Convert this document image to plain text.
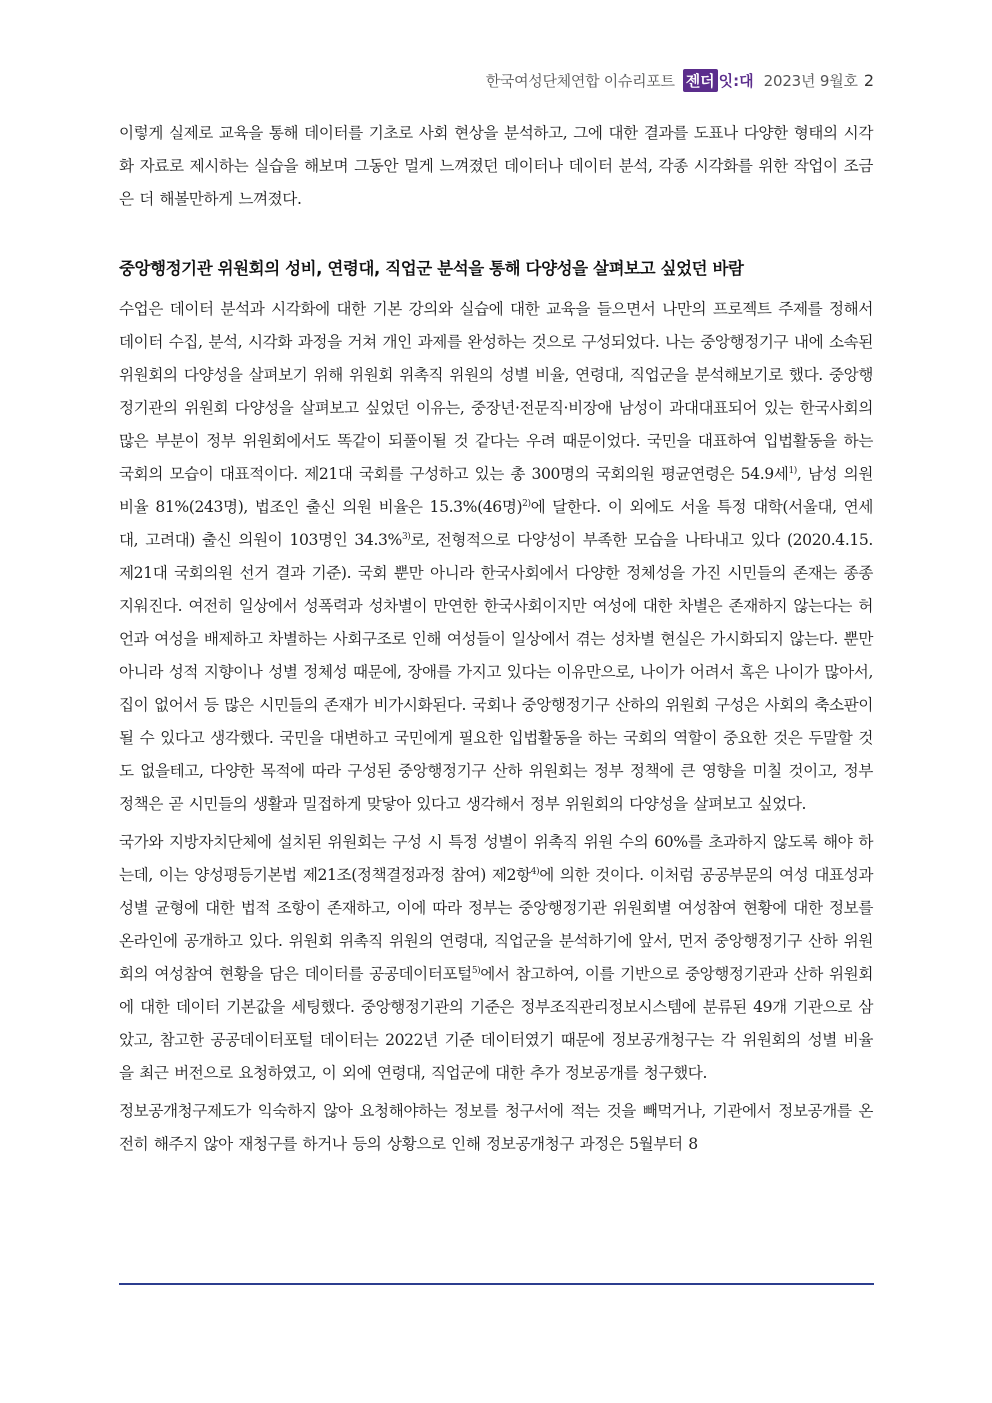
한국여성단체연합 이슈리포트 젠더 잇:대 2023년 9월호 2

이렇게 실제로 교육을 통해 데이터를 기초로 사회 현상을 분석하고, 그에 대한 결과를 도표나 다양한 형태의 시각화 자료로 제시하는 실습을 해보며 그동안 멀게 느껴졌던 데이터나 데이터 분석, 각종 시각화를 위한 작업이 조금은 더 해볼만하게 느껴졌다.

중앙행정기관 위원회의 성비, 연령대, 직업군 분석을 통해 다양성을 살펴보고 싶었던 바람

수업은 데이터 분석과 시각화에 대한 기본 강의와 실습에 대한 교육을 들으면서 나만의 프로젝트 주제를 정해서 데이터 수집, 분석, 시각화 과정을 거쳐 개인 과제를 완성하는 것으로 구성되었다. 나는 중앙행정기구 내에 소속된 위원회의 다양성을 살펴보기 위해 위원회 위촉직 위원의 성별 비율, 연령대, 직업군을 분석해보기로 했다. 중앙행정기관의 위원회 다양성을 살펴보고 싶었던 이유는, 중장년·전문직·비장애 남성이 과대대표되어 있는 한국사회의 많은 부분이 정부 위원회에서도 똑같이 되풀이될 것 같다는 우려 때문이었다. 국민을 대표하여 입법활동을 하는 국회의 모습이 대표적이다. 제21대 국회를 구성하고 있는 총 300명의 국회의원 평균연령은 54.9세$^{1)}$, 남성 의원 비율 81%(243명), 법조인 출신 의원 비율은 15.3%(46명)$^{2)}$에 달한다. 이 외에도 서울 특정 대학(서울대, 연세대, 고려대) 출신 의원이 103명인 34.3%$^{3)}$로, 전형적으로 다양성이 부족한 모습을 나타내고 있다 (2020.4.15. 제21대 국회의원 선거 결과 기준). 국회 뿐만 아니라 한국사회에서 다양한 정체성을 가진 시민들의 존재는 종종 지워진다. 여전히 일상에서 성폭력과 성차별이 만연한 한국사회이지만 여성에 대한 차별은 존재하지 않는다는 허언과 여성을 배제하고 차별하는 사회구조로 인해 여성들이 일상에서 겪는 성차별 현실은 가시화되지 않는다. 뿐만 아니라 성적 지향이나 성별 정체성 때문에, 장애를 가지고 있다는 이유만으로, 나이가 어려서 혹은 나이가 많아서, 집이 없어서 등 많은 시민들의 존재가 비가시화된다. 국회나 중앙행정기구 산하의 위원회 구성은 사회의 축소판이 될 수 있다고 생각했다. 국민을 대변하고 국민에게 필요한 입법활동을 하는 국회의 역할이 중요한 것은 두말할 것도 없을테고, 다양한 목적에 따라 구성된 중앙행정기구 산하 위원회는 정부 정책에 큰 영향을 미칠 것이고, 정부 정책은 곧 시민들의 생활과 밀접하게 맞닿아 있다고 생각해서 정부 위원회의 다양성을 살펴보고 싶었다.

국가와 지방자치단체에 설치된 위원회는 구성 시 특정 성별이 위촉직 위원 수의 60%를 초과하지 않도록 해야 하는데, 이는 양성평등기본법 제21조(정책결정과정 참여) 제2항$^{4)}$에 의한 것이다. 이처럼 공공부문의 여성 대표성과 성별 균형에 대한 법적 조항이 존재하고, 이에 따라 정부는 중앙행정기관 위원회별 여성참여 현황에 대한 정보를 온라인에 공개하고 있다. 위원회 위촉직 위원의 연령대, 직업군을 분석하기에 앞서, 먼저 중앙행정기구 산하 위원회의 여성참여 현황을 담은 데이터를 공공데이터포털$^{5)}$에서 참고하여, 이를 기반으로 중앙행정기관과 산하 위원회에 대한 데이터 기본값을 세팅했다. 중앙행정기관의 기준은 정부조직관리정보시스템에 분류된 49개 기관으로 삼았고, 참고한 공공데이터포털 데이터는 2022년 기준 데이터였기 때문에 정보공개청구는 각 위원회의 성별 비율을 최근 버전으로 요청하였고, 이 외에 연령대, 직업군에 대한 추가 정보공개를 청구했다.

정보공개청구제도가 익숙하지 않아 요청해야하는 정보를 청구서에 적는 것을 빼먹거나, 기관에서 정보공개를 온전히 해주지 않아 재청구를 하거나 등의 상황으로 인해 정보공개청구 과정은 5월부터 8
